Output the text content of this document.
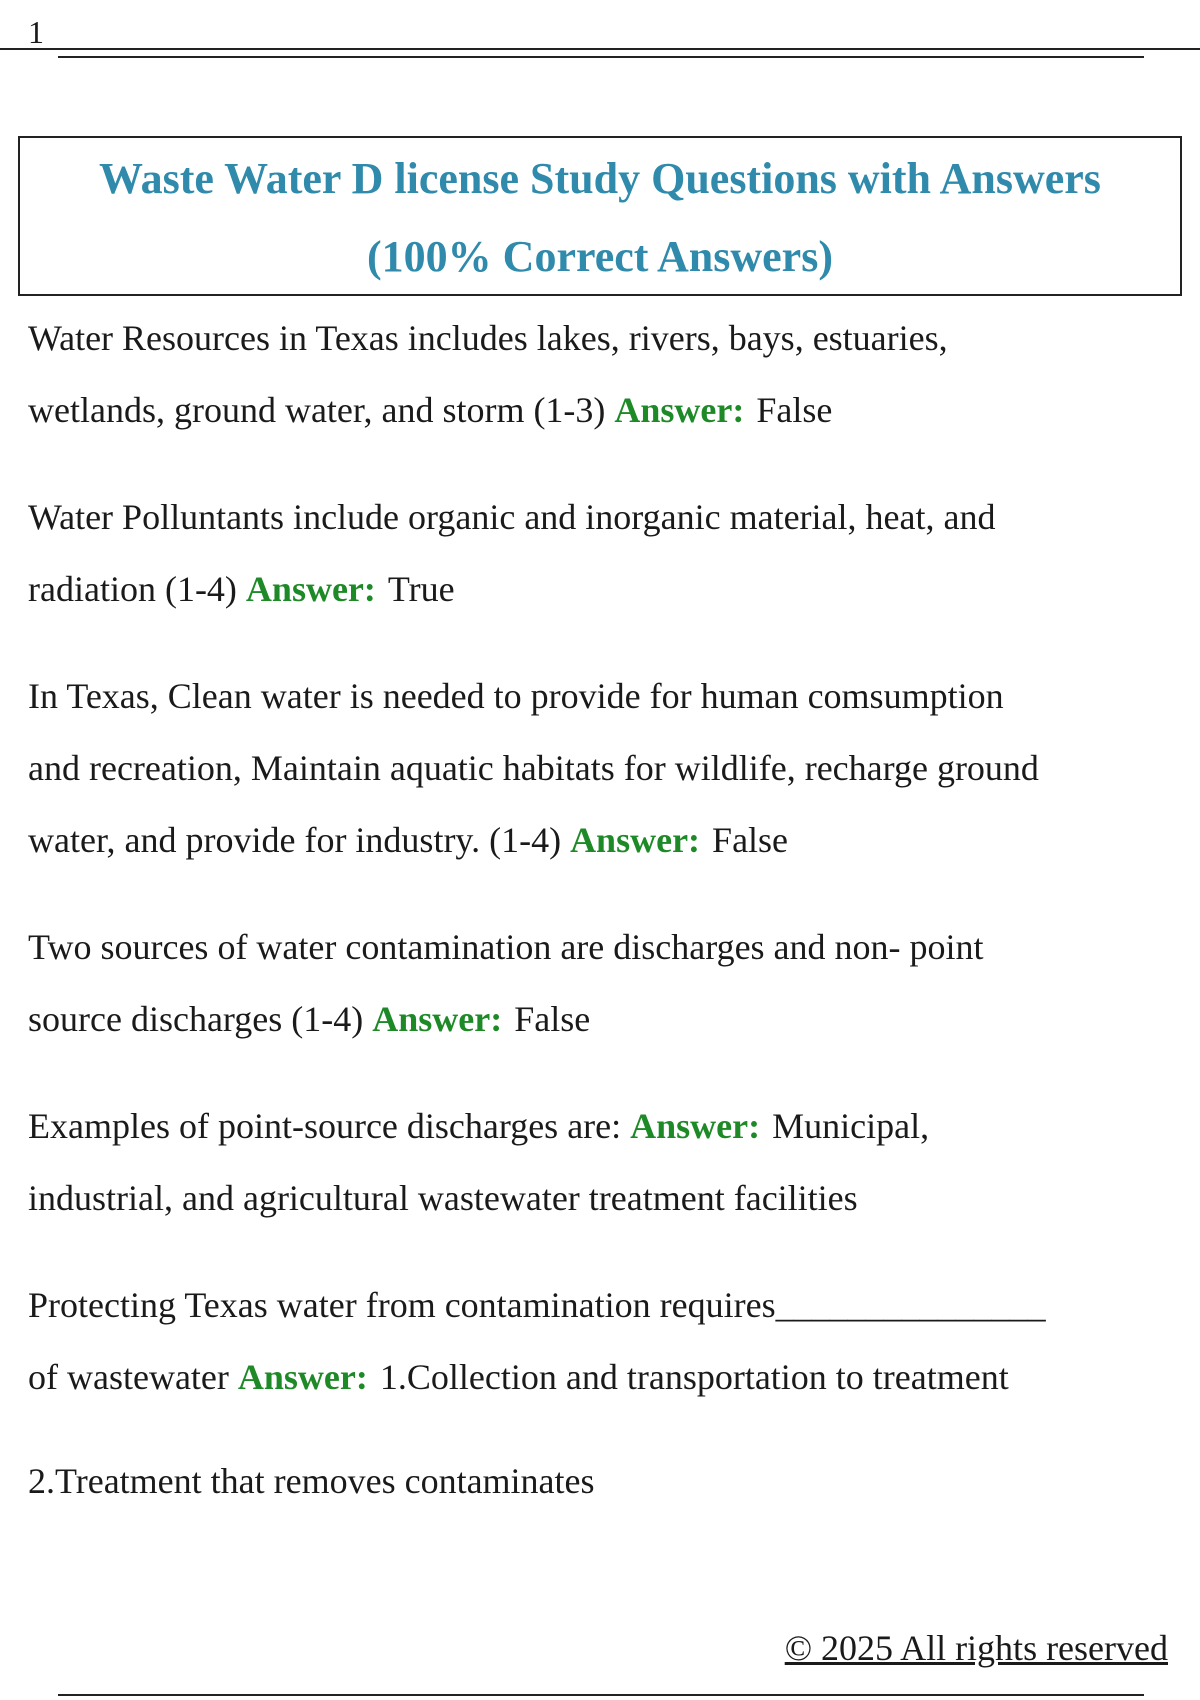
1
Waste Water D license Study Questions with Answers
(100% Correct Answers)
Water Resources in Texas includes lakes, rivers, bays, estuaries,
wetlands, ground water, and storm (1-3) Answer: False
Water Polluntants include organic and inorganic material, heat, and
radiation (1-4) Answer: True
In Texas, Clean water is needed to provide for human comsumption
and recreation, Maintain aquatic habitats for wildlife, recharge ground
water, and provide for industry. (1-4) Answer: False
Two sources of water contamination are discharges and non- point
source discharges (1-4) Answer: False
Examples of point-source discharges are: Answer: Municipal,
industrial, and agricultural wastewater treatment facilities
Protecting Texas water from contamination requires_______________
of wastewater Answer: 1.Collection and transportation to treatment
2.Treatment that removes contaminates
© 2025 All rights reserved
